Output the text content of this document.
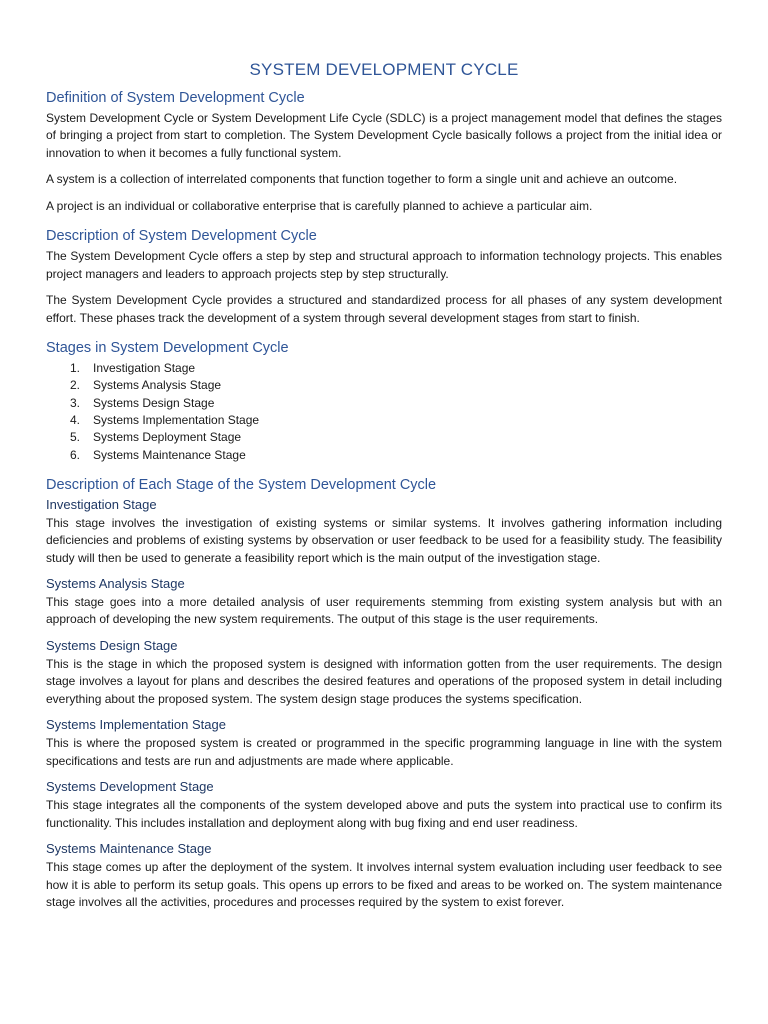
SYSTEM DEVELOPMENT CYCLE
Definition of System Development Cycle

System Development Cycle or System Development Life Cycle (SDLC) is a project management model that defines the stages of bringing a project from start to completion. The System Development Cycle basically follows a project from the initial idea or innovation to when it becomes a fully functional system.

A system is a collection of interrelated components that function together to form a single unit and achieve an outcome.

A project is an individual or collaborative enterprise that is carefully planned to achieve a particular aim.

Description of System Development Cycle

The System Development Cycle offers a step by step and structural approach to information technology projects. This enables project managers and leaders to approach projects step by step structurally.

The System Development Cycle provides a structured and standardized process for all phases of any system development effort. These phases track the development of a system through several development stages from start to finish.

Stages in System Development Cycle
1.	Investigation Stage
2.	Systems Analysis Stage
3.	Systems Design Stage
4.	Systems Implementation Stage
5.	Systems Deployment Stage
6.	Systems Maintenance Stage
Description of Each Stage of the System Development Cycle
Investigation Stage

This stage involves the investigation of existing systems or similar systems. It involves gathering information including deficiencies and problems of existing systems by observation or user feedback to be used for a feasibility study. The feasibility study will then be used to generate a feasibility report which is the main output of the investigation stage.

Systems Analysis Stage

This stage goes into a more detailed analysis of user requirements stemming from existing system analysis but with an approach of developing the new system requirements. The output of this stage is the user requirements.

Systems Design Stage

This is the stage in which the proposed system is designed with information gotten from the user requirements. The design stage involves a layout for plans and describes the desired features and operations of the proposed system in detail including everything about the proposed system. The system design stage produces the systems specification.

Systems Implementation Stage

This is where the proposed system is created or programmed in the specific programming language in line with the system specifications and tests are run and adjustments are made where applicable.

Systems Development Stage

This stage integrates all the components of the system developed above and puts the system into practical use to confirm its functionality. This includes installation and deployment along with bug fixing and end user readiness.

Systems Maintenance Stage

This stage comes up after the deployment of the system. It involves internal system evaluation including user feedback to see how it is able to perform its setup goals. This opens up errors to be fixed and areas to be worked on. The system maintenance stage involves all the activities, procedures and processes required by the system to exist forever.
